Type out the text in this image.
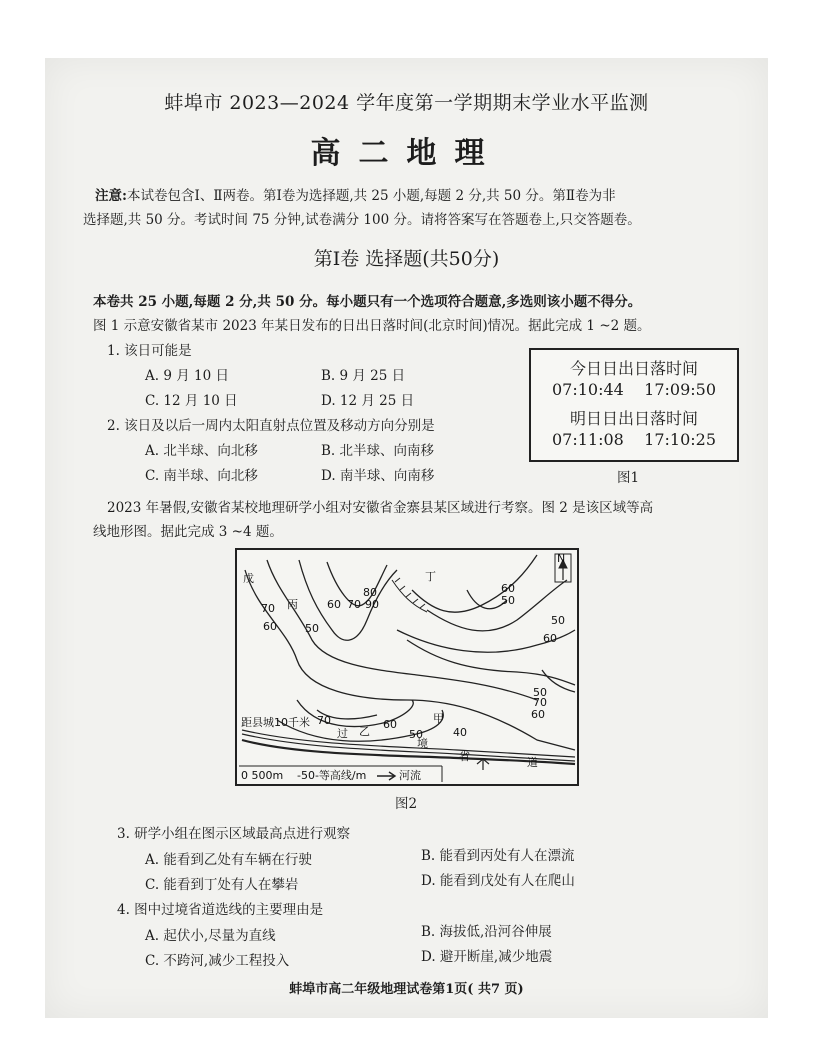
蚌埠市 2023—2024 学年度第一学期期末学业水平监测
高二地理
注意:本试卷包含Ⅰ、Ⅱ两卷。第Ⅰ卷为选择题,共 25 小题,每题 2 分,共 50 分。第Ⅱ卷为非
选择题,共 50 分。考试时间 75 分钟,试卷满分 100 分。请将答案写在答题卷上,只交答题卷。
第Ⅰ卷 选择题(共50分)
本卷共 25 小题,每题 2 分,共 50 分。每小题只有一个选项符合题意,多选则该小题不得分。
图 1 示意安徽省某市 2023 年某日发布的日出日落时间(北京时间)情况。据此完成 1 ~2 题。
1. 该日可能是
A. 9 月 10 日	B. 9 月 25 日
C. 12 月 10 日	D. 12 月 25 日
2. 该日及以后一周内太阳直射点位置及移动方向分别是
A. 北半球、向北移	B. 北半球、向南移
C. 南半球、向北移	D. 南半球、向南移
今日日出日落时间
07:10:44    17:09:50
明日日出日落时间
07:11:08    17:10:25
图1
2023 年暑假,安徽省某校地理研学小组对安徽省金寨县某区域进行考察。图 2 是该区域等高
线地形图。据此完成 3 ~4 题。
N
戊
丙
丁
乙
甲
过
境
省	道
距县城10千米
70
60	50
60 70
80
90
60
50
50
60
70
60
50
70	60
50	40
0 500m -50-等高线/m	河流
图2
3. 研学小组在图示区域最高点进行观察
A. 能看到乙处有车辆在行驶	B. 能看到丙处有人在漂流
C. 能看到丁处有人在攀岩	D. 能看到戊处有人在爬山
4. 图中过境省道选线的主要理由是
A. 起伏小,尽量为直线	B. 海拔低,沿河谷伸展
C. 不跨河,减少工程投入	D. 避开断崖,减少地震
蚌埠市高二年级地理试卷第1页( 共7 页)
